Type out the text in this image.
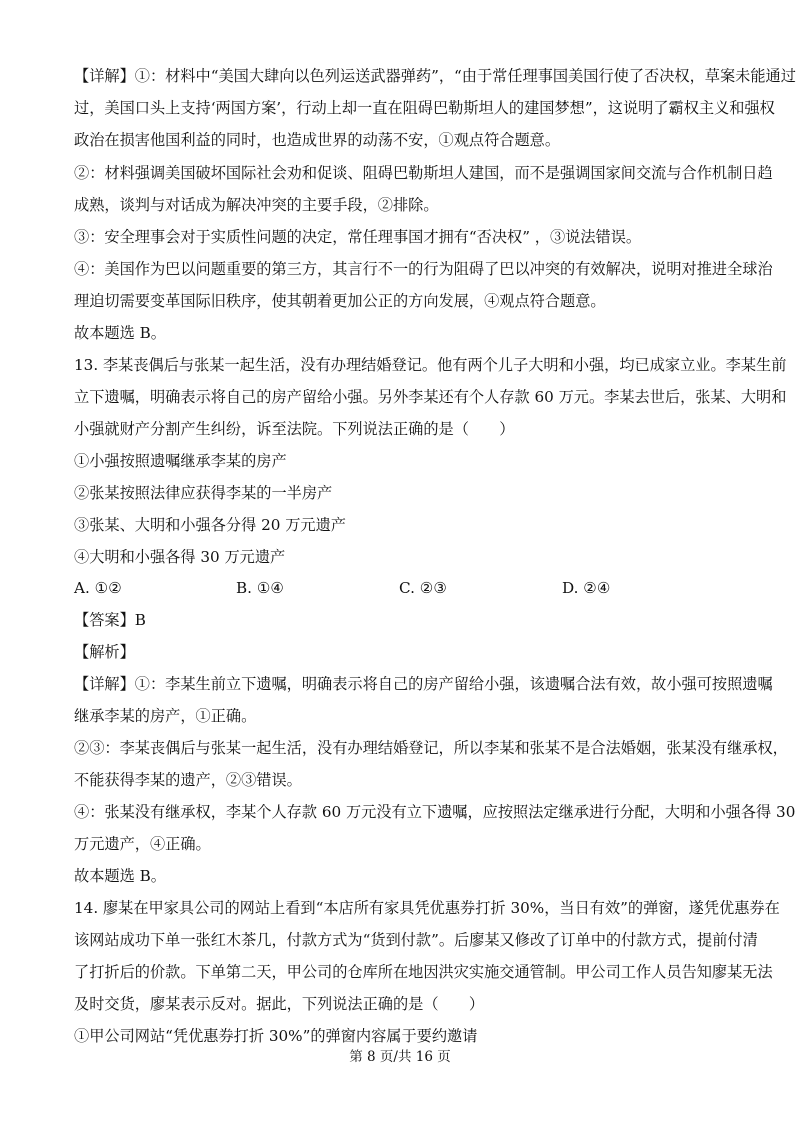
【详解】①：材料中“美国大肆向以色列运送武器弹药”，“由于常任理事国美国行使了否决权，草案未能通过
过，美国口头上支持‘两国方案’，行动上却一直在阻碍巴勒斯坦人的建国梦想”，这说明了霸权主义和强权
政治在损害他国利益的同时，也造成世界的动荡不安，①观点符合题意。
②：材料强调美国破坏国际社会劝和促谈、阻碍巴勒斯坦人建国，而不是强调国家间交流与合作机制日趋
成熟，谈判与对话成为解决冲突的主要手段，②排除。
③：安全理事会对于实质性问题的决定，常任理事国才拥有“否决权” ，③说法错误。
④：美国作为巴以问题重要的第三方，其言行不一的行为阻碍了巴以冲突的有效解决，说明对推进全球治
理迫切需要变革国际旧秩序，使其朝着更加公正的方向发展，④观点符合题意。
故本题选 B。
13. 李某丧偶后与张某一起生活，没有办理结婚登记。他有两个儿子大明和小强，均已成家立业。李某生前
立下遗嘱，明确表示将自己的房产留给小强。另外李某还有个人存款 60 万元。李某去世后，张某、大明和
小强就财产分割产生纠纷，诉至法院。下列说法正确的是（　　）
①小强按照遗嘱继承李某的房产
②张某按照法律应获得李某的一半房产
③张某、大明和小强各分得 20 万元遗产
④大明和小强各得 30 万元遗产
A. ①②	B. ①④	C. ②③	D. ②④
【答案】B
【解析】
【详解】①：李某生前立下遗嘱，明确表示将自己的房产留给小强，该遗嘱合法有效，故小强可按照遗嘱
继承李某的房产，①正确。
②③：李某丧偶后与张某一起生活，没有办理结婚登记，所以李某和张某不是合法婚姻，张某没有继承权，
不能获得李某的遗产，②③错误。
④：张某没有继承权，李某个人存款 60 万元没有立下遗嘱，应按照法定继承进行分配，大明和小强各得 30
万元遗产，④正确。
故本题选 B。
14. 廖某在甲家具公司的网站上看到“本店所有家具凭优惠券打折 30%，当日有效”的弹窗，遂凭优惠券在
该网站成功下单一张红木茶几，付款方式为“货到付款”。后廖某又修改了订单中的付款方式，提前付清
了打折后的价款。下单第二天，甲公司的仓库所在地因洪灾实施交通管制。甲公司工作人员告知廖某无法
及时交货，廖某表示反对。据此，下列说法正确的是（　　）
①甲公司网站“凭优惠券打折 30%”的弹窗内容属于要约邀请
第 8 页/共 16 页
